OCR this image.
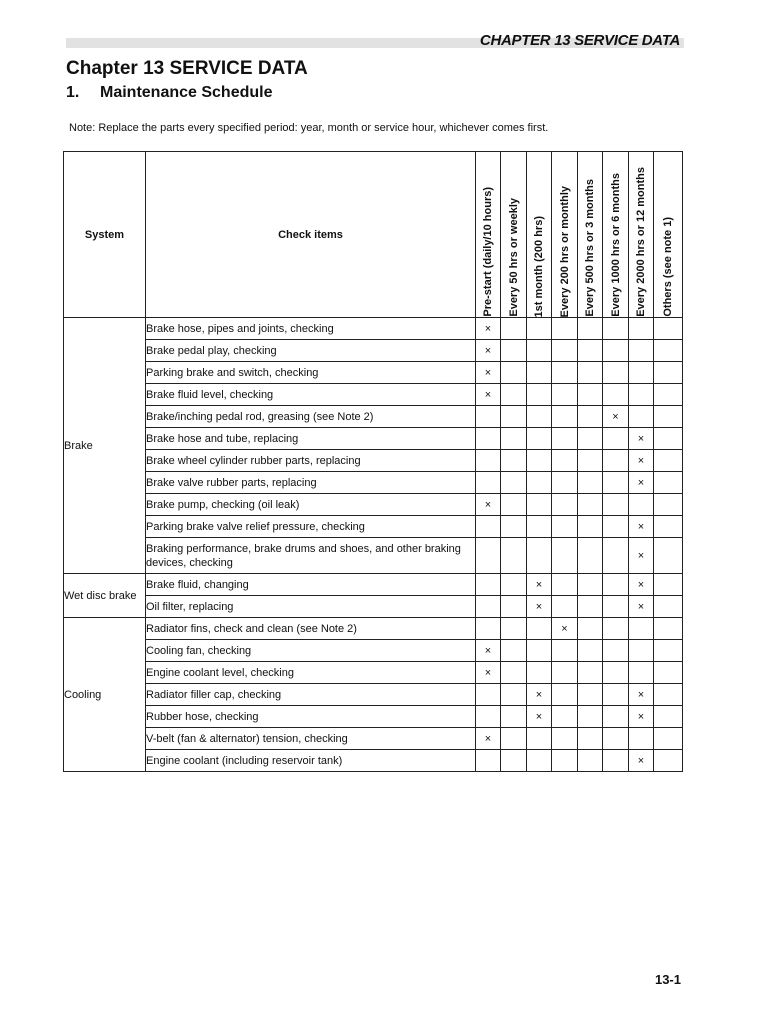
CHAPTER 13 SERVICE DATA
Chapter 13 SERVICE DATA
1. Maintenance Schedule
Note: Replace the parts every specified period: year, month or service hour, whichever comes first.
System	Check items	Pre-start (daily/10 hours)	Every 50 hrs or weekly	1st month (200 hrs)	Every 200 hrs or monthly	Every 500 hrs or 3 months	Every 1000 hrs or 6 months	Every 2000 hrs or 12 months	Others (see note 1)

Brake	Brake hose, pipes and joints, checking	×							
	Brake pedal play, checking	×							
	Parking brake and switch, checking	×							
	Brake fluid level, checking	×							
	Brake/inching pedal rod, greasing (see Note 2)						×		
	Brake hose and tube, replacing							×	
	Brake wheel cylinder rubber parts, replacing							×	
	Brake valve rubber parts, replacing							×	
	Brake pump, checking (oil leak)	×							
	Parking brake valve relief pressure, checking							×	
	Braking performance, brake drums and shoes, and other braking devices, checking							×	
Wet disc brake	Brake fluid, changing			×				×	
	Oil filter, replacing			×				×	
Cooling	Radiator fins, check and clean (see Note 2)				×				
	Cooling fan, checking	×							
	Engine coolant level, checking	×							
	Radiator filler cap, checking			×				×	
	Rubber hose, checking			×				×	
	V-belt (fan & alternator) tension, checking	×							
	Engine coolant (including reservoir tank)							×	
13-1
